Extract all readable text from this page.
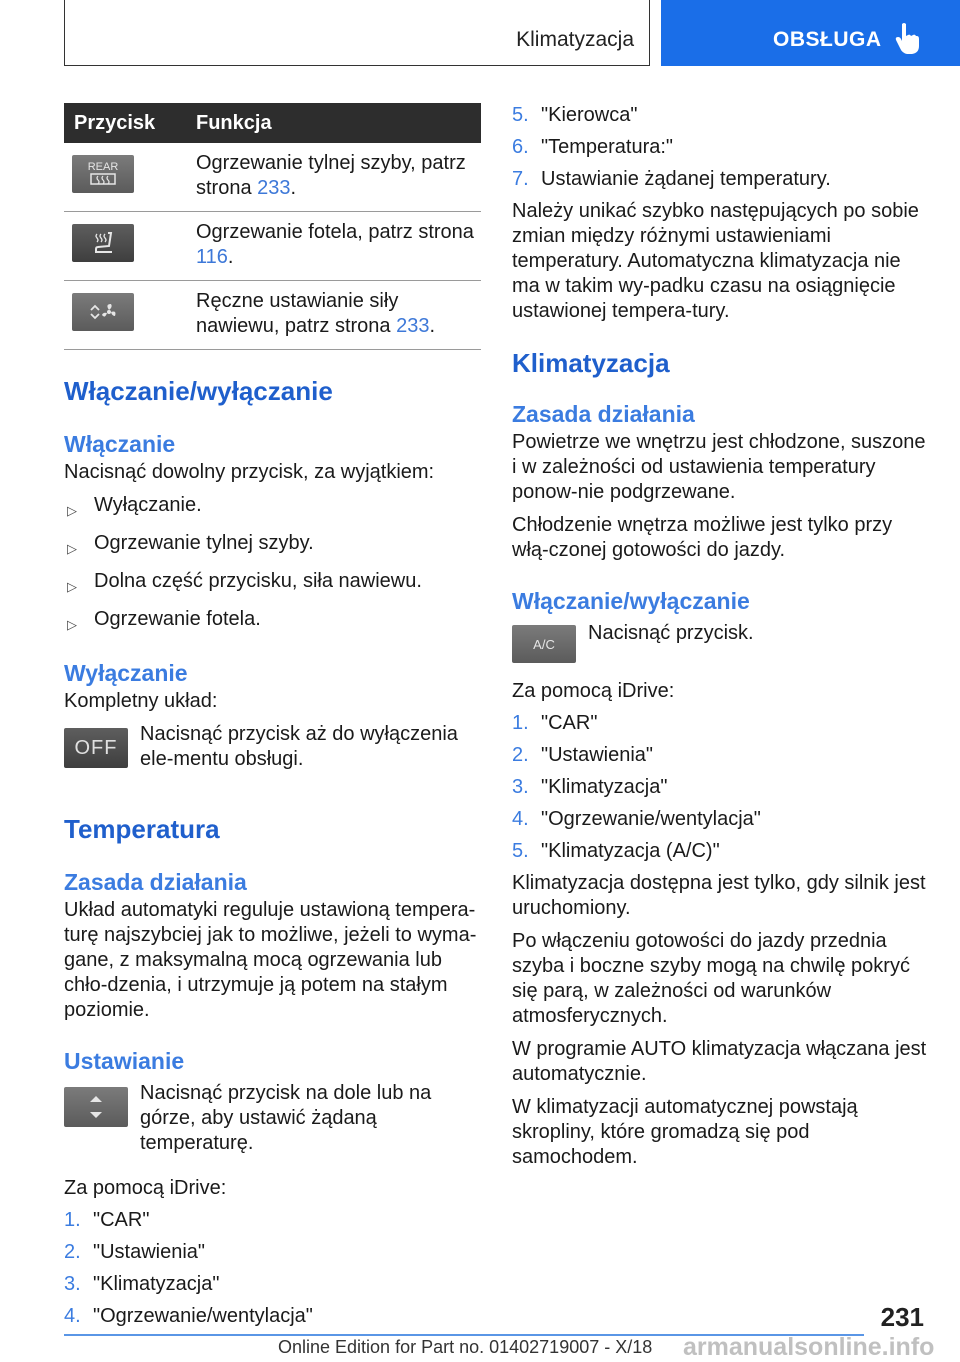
Klimatyzacja	OBSŁUGA
Przycisk	Funkcja
REAR	Ogrzewanie tylnej szyby, patrz strona 233.
Ogrzewanie fotela, patrz strona 116.
Ręczne ustawianie siły nawiewu, patrz strona 233.
Włączanie/wyłączanie
Włączanie

Nacisnąć dowolny przycisk, za wyjątkiem:

▷ Wyłączanie.
▷ Ogrzewanie tylnej szyby.
▷ Dolna część przycisku, siła nawiewu.
▷ Ogrzewanie fotela.
Wyłączanie

Kompletny układ:

OFF
Nacisnąć przycisk aż do wyłączenia ele-mentu obsługi.
Temperatura
Zasada działania

Układ automatyki reguluje ustawioną tempera-turę najszybciej jak to możliwe, jeżeli to wyma-gane, z maksymalną mocą ogrzewania lub chło-dzenia, i utrzymuje ją potem na stałym poziomie.

Ustawianie
Nacisnąć przycisk na dole lub na górze, aby ustawić żądaną temperaturę.

Za pomocą iDrive:

1. "CAR"
2. "Ustawienia"
3. "Klimatyzacja"
4. "Ogrzewanie/wentylacja"
5. "Kierowca"
6. "Temperatura:"
7. Ustawianie żądanej temperatury.

Należy unikać szybko następujących po sobie zmian między różnymi ustawieniami temperatury. Automatyczna klimatyzacja nie ma w takim wy-padku czasu na osiągnięcie ustawionej tempera-tury.

Klimatyzacja
Zasada działania

Powietrze we wnętrzu jest chłodzone, suszone i w zależności od ustawienia temperatury ponow-nie podgrzewane.

Chłodzenie wnętrza możliwe jest tylko przy włą-czonej gotowości do jazdy.

Włączanie/wyłączanie
A/C Nacisnąć przycisk.

Za pomocą iDrive:

1. "CAR"
2. "Ustawienia"
3. "Klimatyzacja"
4. "Ogrzewanie/wentylacja"
5. "Klimatyzacja (A/C)"

Klimatyzacja dostępna jest tylko, gdy silnik jest uruchomiony.

Po włączeniu gotowości do jazdy przednia szyba i boczne szyby mogą na chwilę pokryć się parą, w zależności od warunków atmosferycznych.

W programie AUTO klimatyzacja włączana jest automatycznie.

W klimatyzacji automatycznej powstają skropliny, które gromadzą się pod samochodem.

231
Online Edition for Part no. 01402719007 - X/18 armanualsonline.info
